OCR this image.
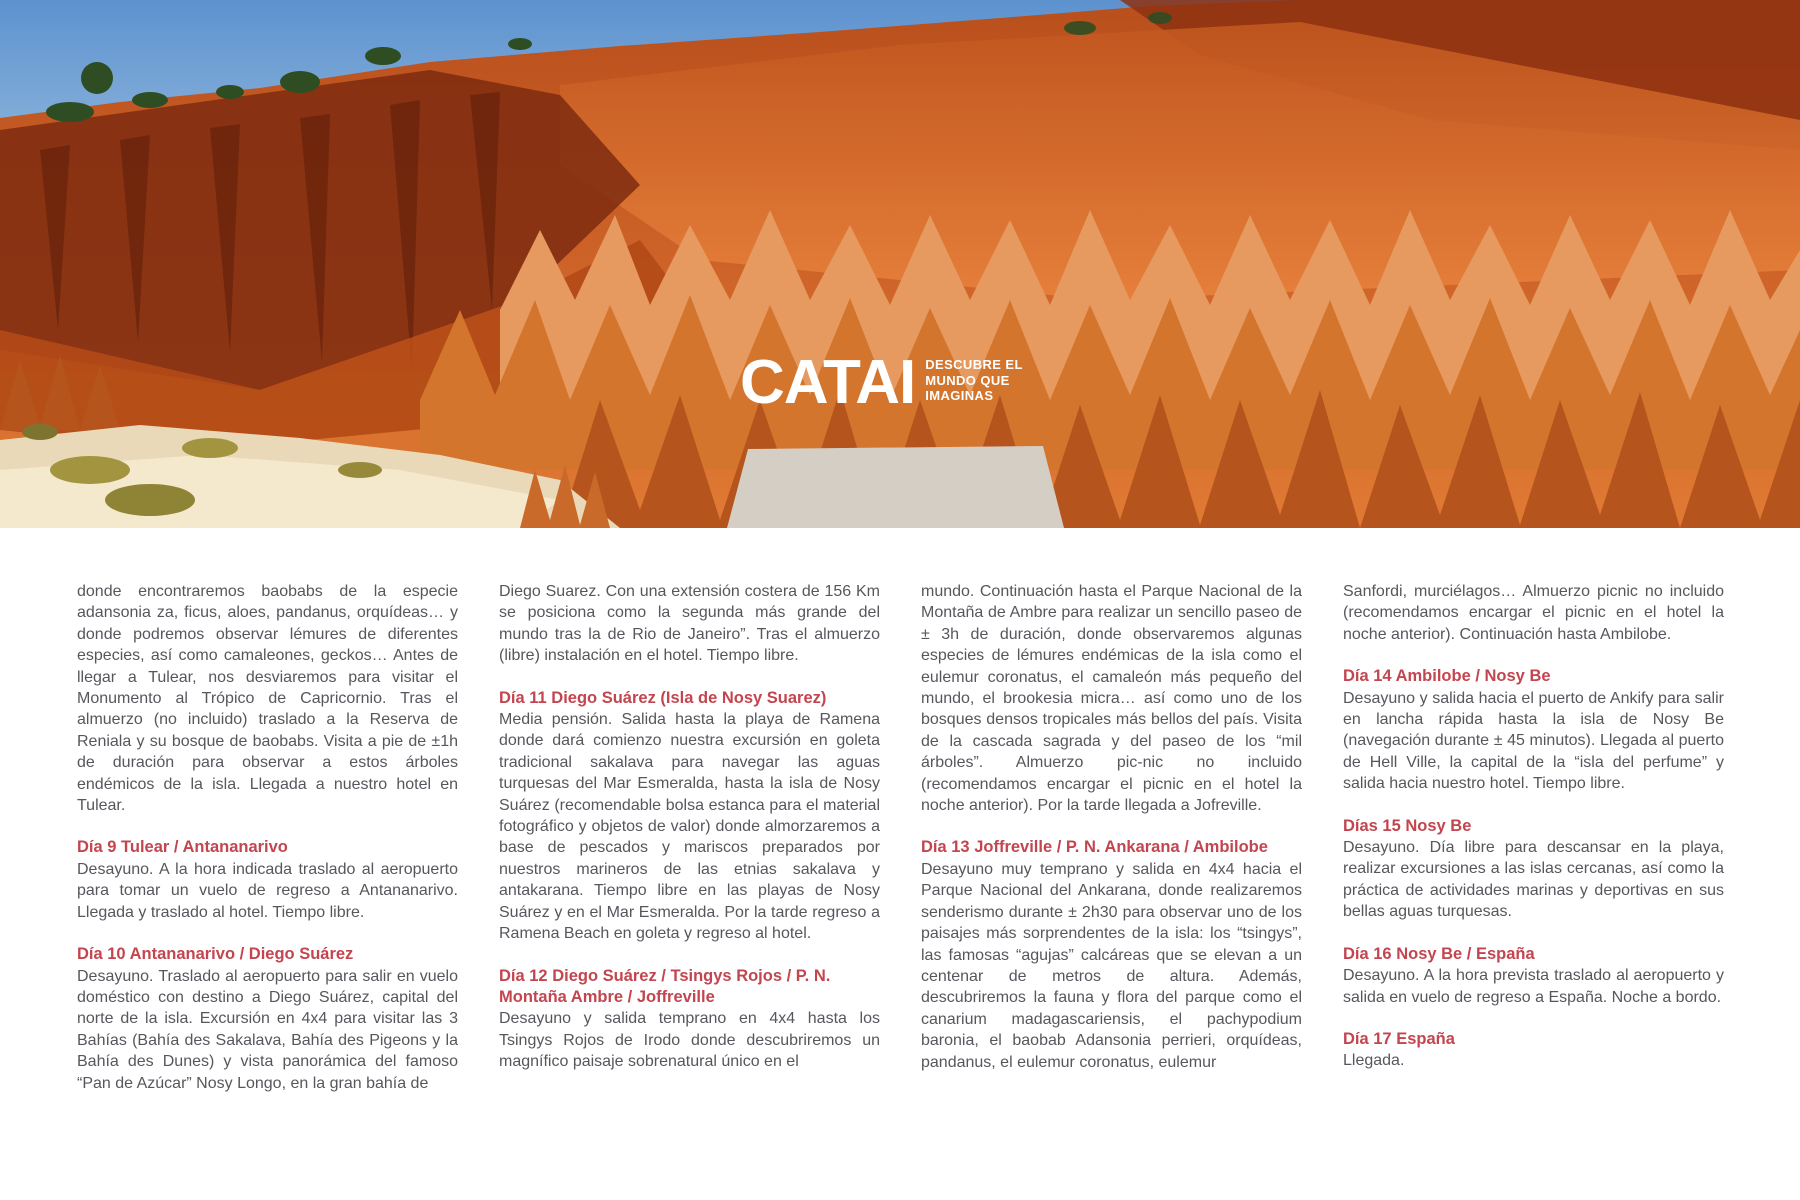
CATAI DESCUBRE EL
MUNDO QUE
IMAGINAS

donde encontraremos baobabs de la especie adansonia za, ficus, aloes, pandanus, orquídeas… y donde podremos observar lémures de diferentes especies, así como camaleones, geckos… Antes de llegar a Tulear, nos desviaremos para visitar el Monumento al Trópico de Capricornio. Tras el almuerzo (no incluido) traslado a la Reserva de Reniala y su bosque de baobabs. Visita a pie de ±1h de duración para observar a estos árboles endémicos de la isla. Llegada a nuestro hotel en Tulear.

Día 9 Tulear / Antananarivo

Desayuno. A la hora indicada traslado al aeropuerto para tomar un vuelo de regreso a Antananarivo. Llegada y traslado al hotel. Tiempo libre.

Día 10 Antananarivo / Diego Suárez

Desayuno. Traslado al aeropuerto para salir en vuelo doméstico con destino a Diego Suárez, capital del norte de la isla. Excursión en 4x4 para visitar las 3 Bahías (Bahía des Sakalava, Bahía des Pigeons y la Bahía des Dunes) y vista panorámica del famoso “Pan de Azúcar” Nosy Longo, en la gran bahía de

Diego Suarez. Con una extensión costera de 156 Km se posiciona como la segunda más grande del mundo tras la de Rio de Janeiro”. Tras el almuerzo (libre) instalación en el hotel. Tiempo libre.

Día 11 Diego Suárez (Isla de Nosy Suarez)

Media pensión. Salida hasta la playa de Ramena donde dará comienzo nuestra excursión en goleta tradicional sakalava para navegar las aguas turquesas del Mar Esmeralda, hasta la isla de Nosy Suárez (recomendable bolsa estanca para el material fotográfico y objetos de valor) donde almorzaremos a base de pescados y mariscos preparados por nuestros marineros de las etnias sakalava y antakarana. Tiempo libre en las playas de Nosy Suárez y en el Mar Esmeralda. Por la tarde regreso a Ramena Beach en goleta y regreso al hotel.

Día 12 Diego Suárez / Tsingys Rojos / P. N. Montaña Ambre / Joffreville

Desayuno y salida temprano en 4x4 hasta los Tsingys Rojos de Irodo donde descubriremos un magnífico paisaje sobrenatural único en el

mundo. Continuación hasta el Parque Nacional de la Montaña de Ambre para realizar un sencillo paseo de ± 3h de duración, donde observaremos algunas especies de lémures endémicas de la isla como el eulemur coronatus, el camaleón más pequeño del mundo, el brookesia micra… así como uno de los bosques densos tropicales más bellos del país. Visita de la cascada sagrada y del paseo de los “mil árboles”. Almuerzo pic-nic no incluido (recomendamos encargar el picnic en el hotel la noche anterior). Por la tarde llegada a Jofreville.

Día 13 Joffreville / P. N. Ankarana / Ambilobe

Desayuno muy temprano y salida en 4x4 hacia el Parque Nacional del Ankarana, donde realizaremos senderismo durante ± 2h30 para observar uno de los paisajes más sorprendentes de la isla: los “tsingys”, las famosas “agujas” calcáreas que se elevan a un centenar de metros de altura. Además, descubriremos la fauna y flora del parque como el canarium madagascariensis, el pachypodium baronia, el baobab Adansonia perrieri, orquídeas, pandanus, el eulemur coronatus, eulemur

Sanfordi, murciélagos… Almuerzo picnic no incluido (recomendamos encargar el picnic en el hotel la noche anterior). Continuación hasta Ambilobe.

Día 14 Ambilobe / Nosy Be

Desayuno y salida hacia el puerto de Ankify para salir en lancha rápida hasta la isla de Nosy Be (navegación durante ± 45 minutos). Llegada al puerto de Hell Ville, la capital de la “isla del perfume” y salida hacia nuestro hotel. Tiempo libre.

Días 15 Nosy Be

Desayuno. Día libre para descansar en la playa, realizar excursiones a las islas cercanas, así como la práctica de actividades marinas y deportivas en sus bellas aguas turquesas.

Día 16 Nosy Be / España

Desayuno. A la hora prevista traslado al aeropuerto y salida en vuelo de regreso a España. Noche a bordo.

Día 17 España

Llegada.
